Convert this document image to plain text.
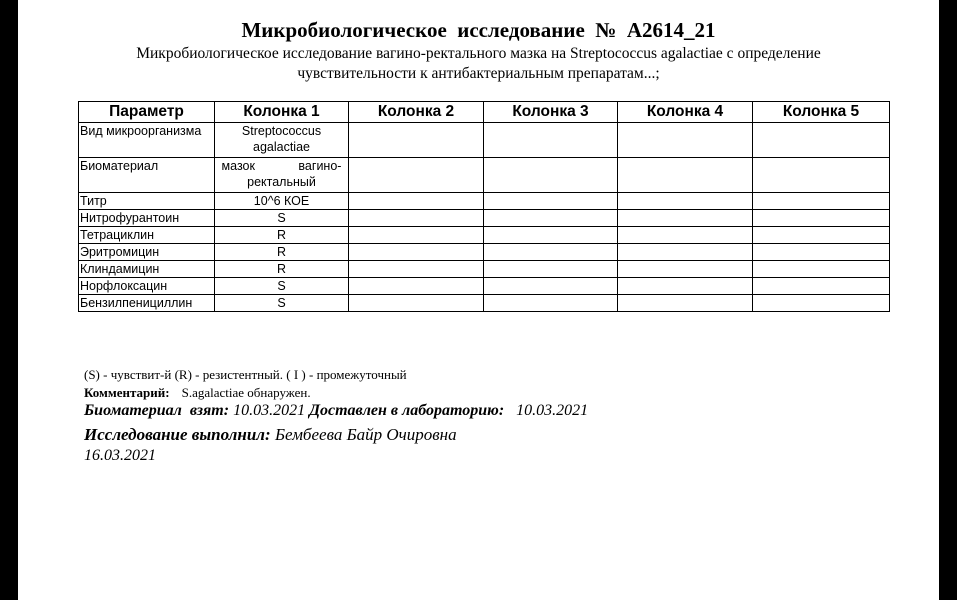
Микробиологическое  исследование  №  А2614_21
Микробиологическое исследование вагино-ректального мазка на Streptococcus agalactiae с определение чувствительности к антибактериальным препаратам...;
Параметр	Колонка 1	Колонка 2	Колонка 3	Колонка 4	Колонка 5
Вид микроорганизма	Streptococcus agalactiae				
Биоматериал	мазок вагино-ректальный				
Титр	10^6 КОЕ				
Нитрофурантоин	S				
Тетрациклин	R				
Эритромицин	R				
Клиндамицин	R				
Норфлоксацин	S				
Бензилпенициллин	S				
(S) - чувствит-й (R) - резистентный. ( I ) - промежуточный
Комментарий: S.agalactiae обнаружен.
Биоматериал  взят: 10.03.2021 Доставлен в лабораторию: 10.03.2021
Исследование выполнил: Бембеева Байр Очировна
16.03.2021
